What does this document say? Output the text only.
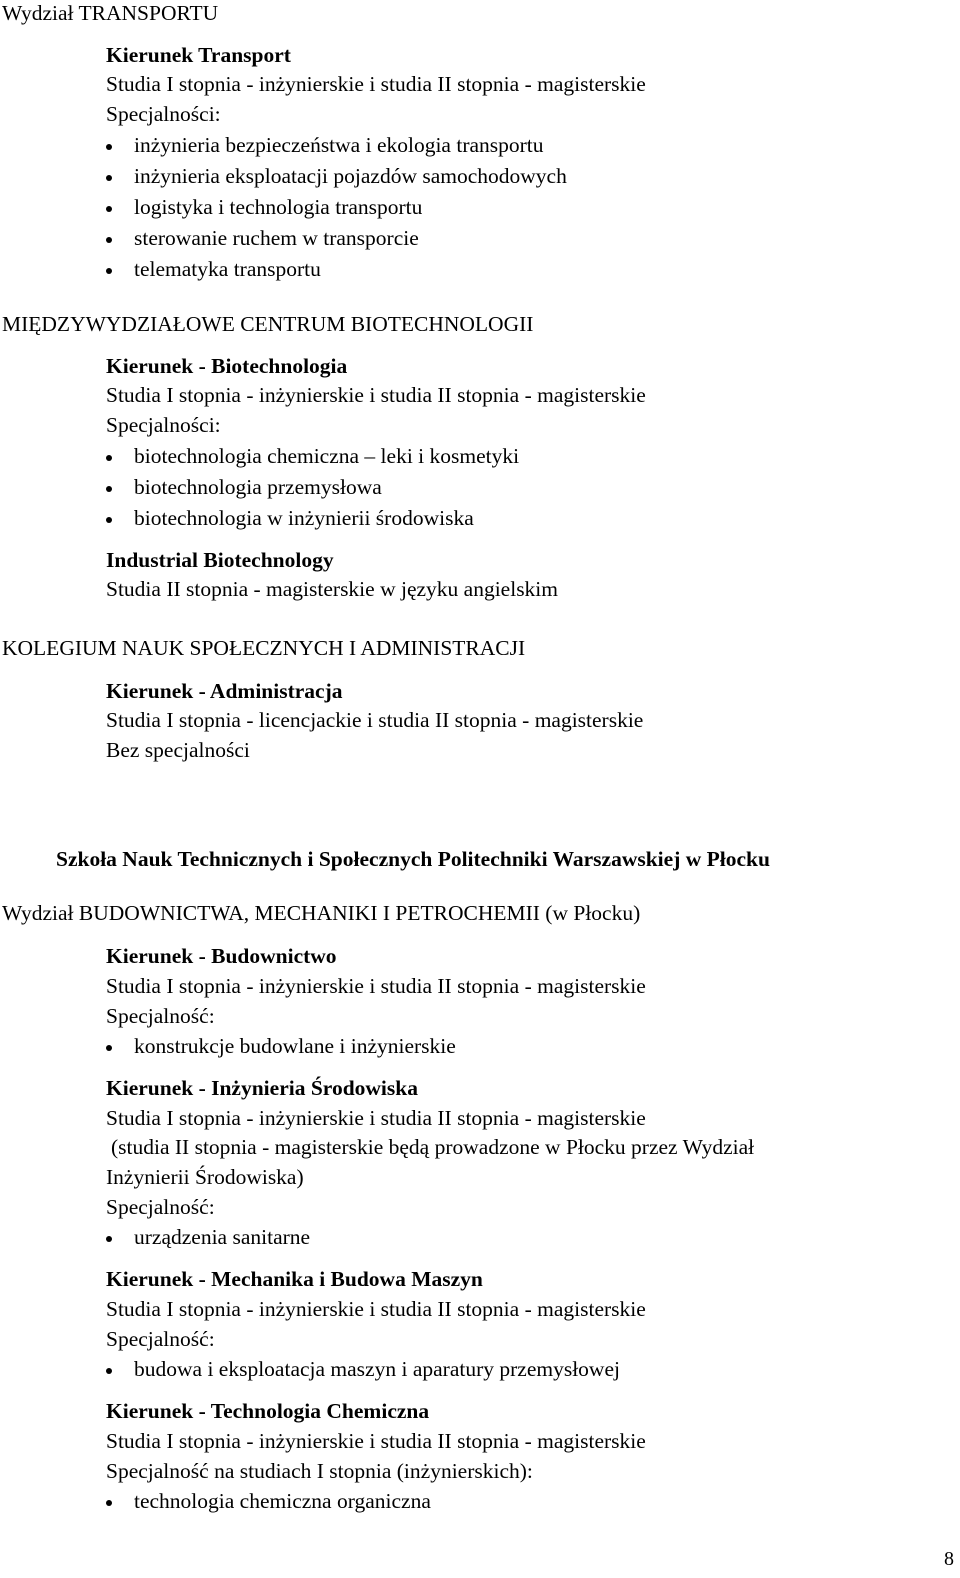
Wydział TRANSPORTU
Kierunek Transport
Studia I stopnia - inżynierskie i studia II stopnia - magisterskie
Specjalności:
inżynieria bezpieczeństwa i ekologia transportu
inżynieria eksploatacji pojazdów samochodowych
logistyka i technologia transportu
sterowanie ruchem w transporcie
telematyka transportu
MIĘDZYWYDZIAŁOWE CENTRUM BIOTECHNOLOGII
Kierunek - Biotechnologia
Studia I stopnia - inżynierskie i studia II stopnia - magisterskie
Specjalności:
biotechnologia chemiczna – leki i kosmetyki
biotechnologia przemysłowa
biotechnologia w inżynierii środowiska
Industrial Biotechnology
Studia II stopnia - magisterskie w języku angielskim
KOLEGIUM NAUK SPOŁECZNYCH I ADMINISTRACJI
Kierunek - Administracja
Studia I stopnia - licencjackie i studia II stopnia - magisterskie
Bez specjalności
Szkoła Nauk Technicznych i Społecznych Politechniki Warszawskiej w Płocku
Wydział BUDOWNICTWA, MECHANIKI I PETROCHEMII (w Płocku)
Kierunek - Budownictwo
Studia I stopnia - inżynierskie i studia II stopnia - magisterskie
Specjalność:
konstrukcje budowlane i inżynierskie
Kierunek - Inżynieria Środowiska
Studia I stopnia - inżynierskie i studia II stopnia - magisterskie
(studia II stopnia - magisterskie będą prowadzone w Płocku przez Wydział
Inżynierii Środowiska)
Specjalność:
urządzenia sanitarne
Kierunek - Mechanika i Budowa Maszyn
Studia I stopnia - inżynierskie i studia II stopnia - magisterskie
Specjalność:
budowa i eksploatacja maszyn i aparatury przemysłowej
Kierunek - Technologia Chemiczna
Studia I stopnia - inżynierskie i studia II stopnia - magisterskie
Specjalność na studiach I stopnia (inżynierskich):
technologia chemiczna organiczna
8
